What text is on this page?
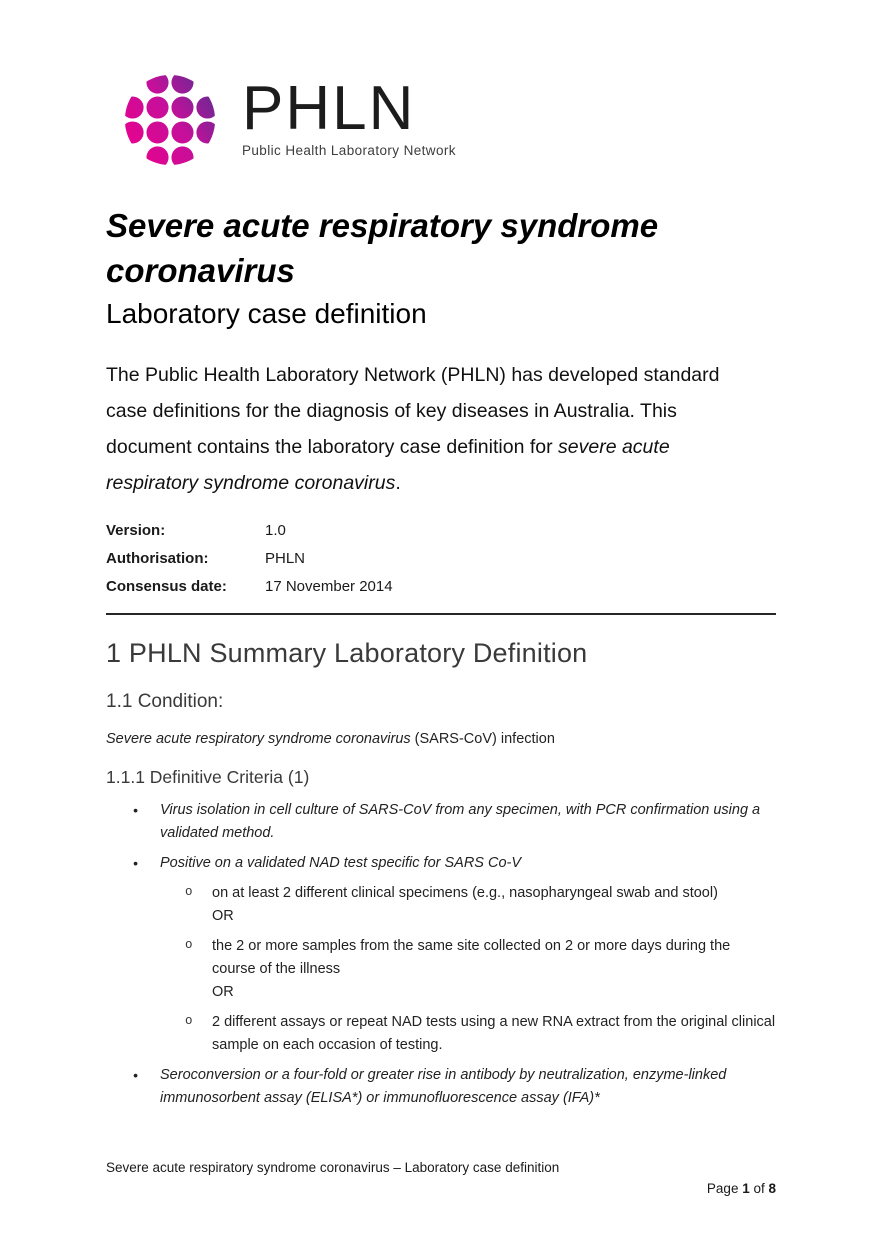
PHLN
Public Health Laboratory Network
Severe acute respiratory syndrome
coronavirus
Laboratory case definition
The Public Health Laboratory Network (PHLN) has developed standard
case definitions for the diagnosis of key diseases in Australia. This
document contains the laboratory case definition for severe acute
respiratory syndrome coronavirus.
Version:	1.0
Authorisation:	PHLN
Consensus date:	17 November 2014
1 PHLN Summary Laboratory Definition
1.1 Condition:
Severe acute respiratory syndrome coronavirus (SARS-CoV) infection
1.1.1 Definitive Criteria (1)
• Virus isolation in cell culture of SARS-CoV from any specimen, with PCR confirmation using a validated method.
• Positive on a validated NAD test specific for SARS Co-V
o on at least 2 different clinical specimens (e.g., nasopharyngeal swab and stool)
OR
o the 2 or more samples from the same site collected on 2 or more days during the course of the illness
OR
o 2 different assays or repeat NAD tests using a new RNA extract from the original clinical sample on each occasion of testing.
• Seroconversion or a four-fold or greater rise in antibody by neutralization, enzyme-linked immunosorbent assay (ELISA*) or immunofluorescence assay (IFA)*
Severe acute respiratory syndrome coronavirus – Laboratory case definition
Page 1 of 8
